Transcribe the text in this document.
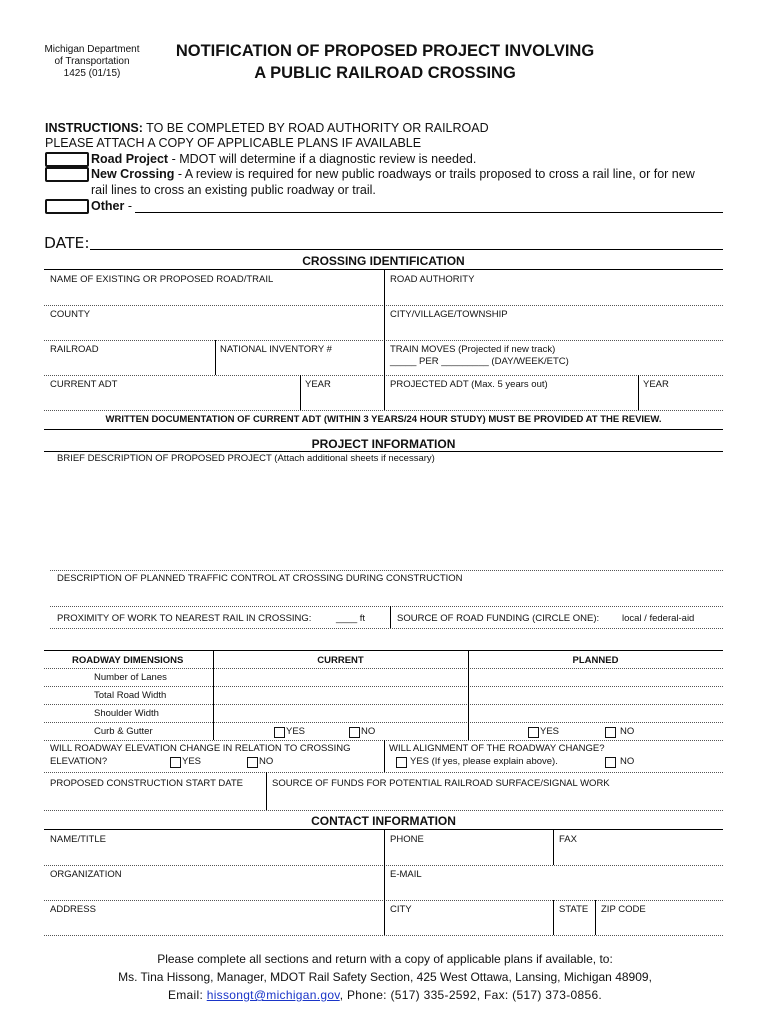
Michigan Department
of Transportation
1425 (01/15)
NOTIFICATION OF PROPOSED PROJECT INVOLVING
A PUBLIC RAILROAD CROSSING
INSTRUCTIONS: TO BE COMPLETED BY ROAD AUTHORITY OR RAILROAD
PLEASE ATTACH A COPY OF APPLICABLE PLANS IF AVAILABLE
Road Project - MDOT will determine if a diagnostic review is needed.
New Crossing - A review is required for new public roadways or trails proposed to cross a rail line, or for new
rail lines to cross an existing public roadway or trail.
Other -
DATE:
CROSSING IDENTIFICATION
NAME OF EXISTING OR PROPOSED ROAD/TRAIL	ROAD AUTHORITY
COUNTY	CITY/VILLAGE/TOWNSHIP
RAILROAD	NATIONAL INVENTORY #	TRAIN MOVES (Projected if new track)
_____ PER _________ (DAY/WEEK/ETC)
CURRENT ADT	YEAR	PROJECTED ADT (Max. 5 years out)	YEAR
WRITTEN DOCUMENTATION OF CURRENT ADT (WITHIN 3 YEARS/24 HOUR STUDY) MUST BE PROVIDED AT THE REVIEW.
PROJECT INFORMATION
BRIEF DESCRIPTION OF PROPOSED PROJECT (Attach additional sheets if necessary)
DESCRIPTION OF PLANNED TRAFFIC CONTROL AT CROSSING DURING CONSTRUCTION
PROXIMITY OF WORK TO NEAREST RAIL IN CROSSING:	____ ft	SOURCE OF ROAD FUNDING (CIRCLE ONE): local / federal-aid
ROADWAY DIMENSIONS	CURRENT	PLANNED
Number of Lanes
Total Road Width
Shoulder Width
Curb & Gutter	YES	NO	YES	NO
WILL ROADWAY ELEVATION CHANGE IN RELATION TO CROSSING
ELEVATION?	YES	NO
WILL ALIGNMENT OF THE ROADWAY CHANGE?
YES (If yes, please explain above).	NO
PROPOSED CONSTRUCTION START DATE	SOURCE OF FUNDS FOR POTENTIAL RAILROAD SURFACE/SIGNAL WORK
CONTACT INFORMATION
NAME/TITLE	PHONE	FAX
ORGANIZATION	E-MAIL
ADDRESS	CITY	STATE ZIP CODE
Please complete all sections and return with a copy of applicable plans if available, to:
Ms. Tina Hissong, Manager, MDOT Rail Safety Section, 425 West Ottawa, Lansing, Michigan 48909,
Email: hissongt@michigan.gov, Phone: (517) 335-2592, Fax: (517) 373-0856.
